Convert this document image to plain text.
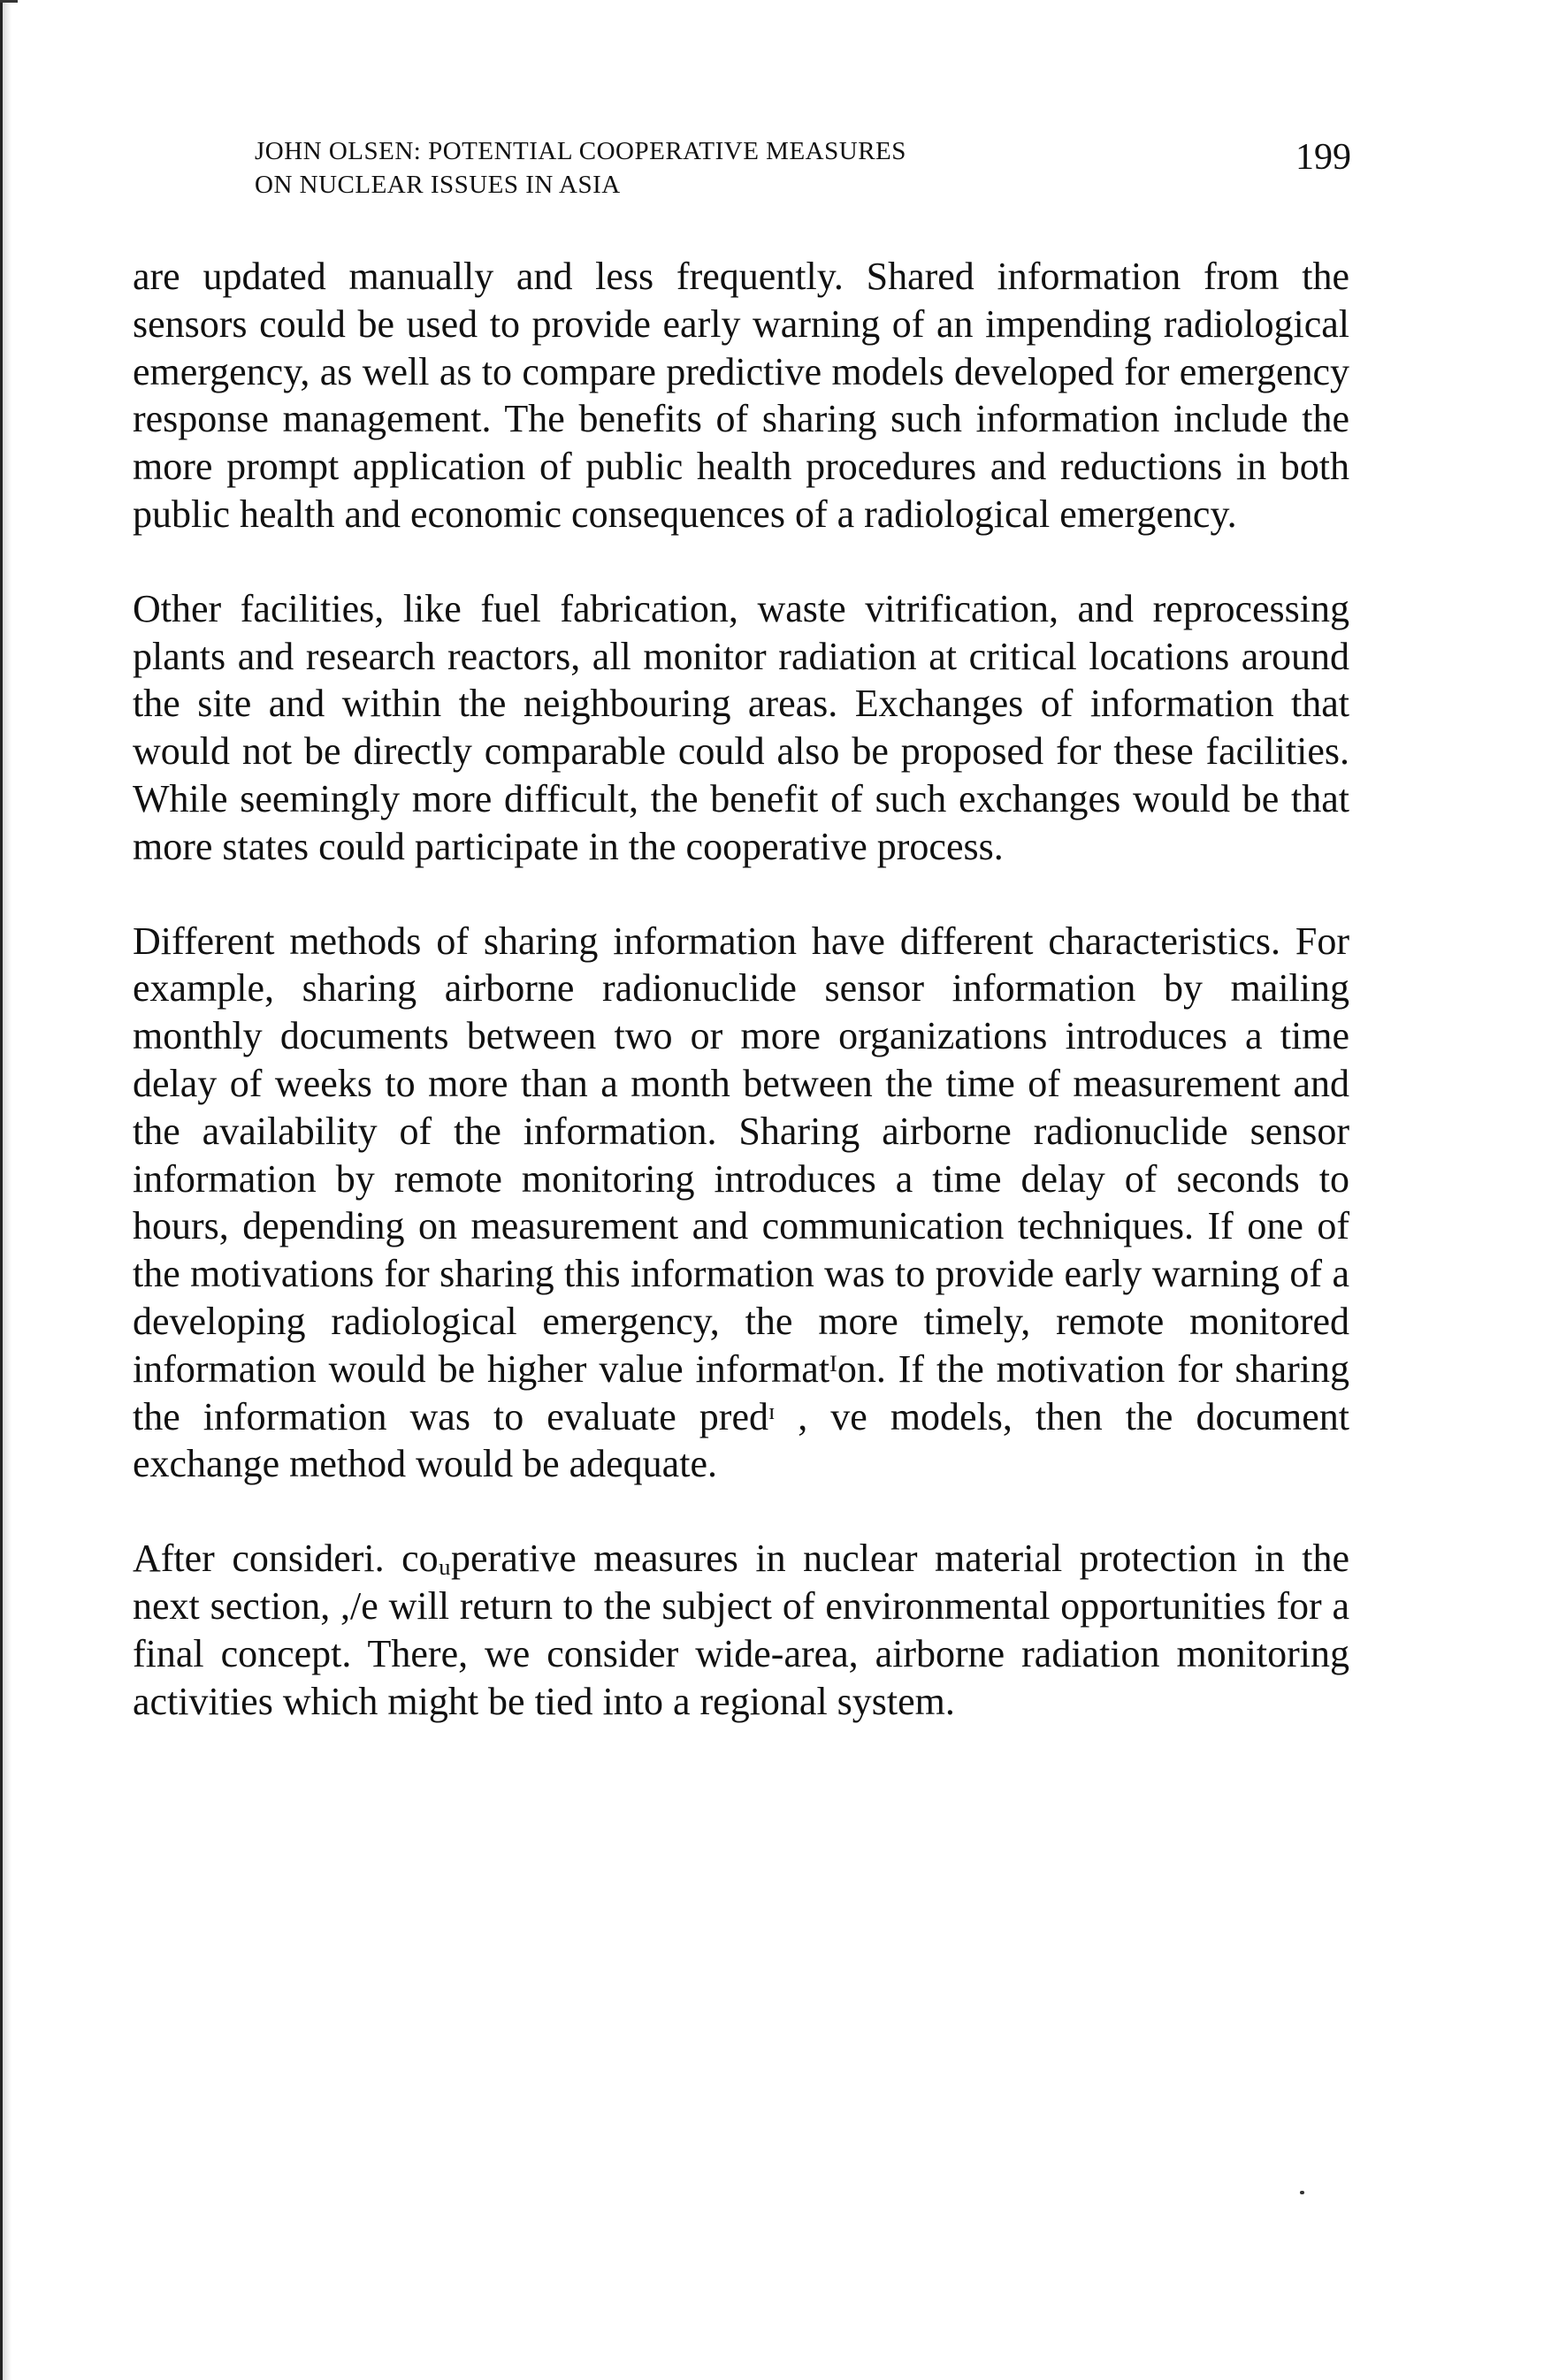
JOHN OLSEN: POTENTIAL COOPERATIVE MEASURES
ON NUCLEAR ISSUES IN ASIA
199

are updated manually and less frequently. Shared information from the sensors could be used to provide early warning of an impending radiological emergency, as well as to compare predictive models developed for emergency response management. The benefits of sharing such information include the more prompt application of public health procedures and reductions in both public health and economic consequences of a radiological emergency.

Other facilities, like fuel fabrication, waste vitrification, and reprocessing plants and research reactors, all monitor radiation at critical locations around the site and within the neighbouring areas. Exchanges of information that would not be directly comparable could also be proposed for these facilities. While seemingly more difficult, the benefit of such exchanges would be that more states could participate in the cooperative process.

Different methods of sharing information have different characteristics. For example, sharing airborne radionuclide sensor information by mailing monthly documents between two or more organizations introduces a time delay of weeks to more than a month between the time of measurement and the availability of the information. Sharing airborne radionuclide sensor information by remote monitoring introduces a time delay of seconds to hours, depending on measurement and communication techniques. If one of the motivations for sharing this information was to provide early warning of a developing radiological emergency, the more timely, remote monitored information would be higher value informatᴵon. If the motivation for sharing the information was to evaluate predᶦ , ve models, then the document exchange method would be adequate.

After consideri. coᵤperative measures in nuclear material protection in the next section, ,/e will return to the subject of environmental opportunities for a final concept. There, we consider wide-area, airborne radiation monitoring activities which might be tied into a regional system.
